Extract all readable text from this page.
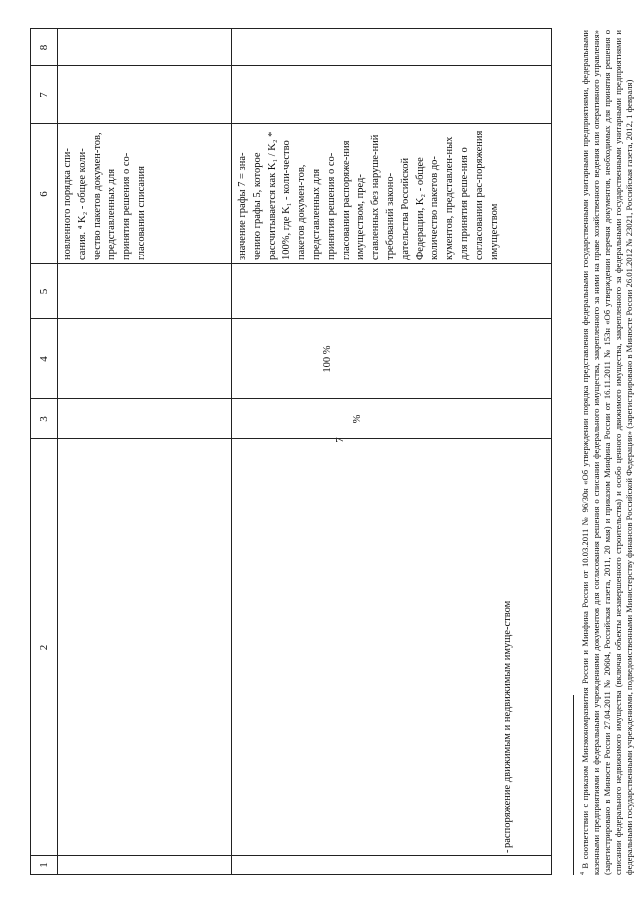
7
1
2
3
4
5
6
7
8
новленного порядка спи-сания. ⁴ K₂ - общее коли-чество пакетов докумен-тов, представленных для принятия решения о со-гласовании списания
-
распоряжение движимым и недвижимым имуще-ством
%
100 %
значение графы 7 = зна-чению графы 5, которое рассчитывается как K₁ / K₂ * 100%, где K₁ - коли-чество пакетов докумен-тов, представленных для принятия решения о со-гласовании распоряже-ния имуществом, пред-ставленных без наруше-ний требований законо-дательства Российской Федерации, K₂ - общее количество пакетов до-кументов, представлен-ных для принятия реше-ния о согласовании рас-поряжения имуществом
$^4$ В соответствии с приказом Минэкономразвития России и Минфина России от 10.03.2011 № 96/30н «Об утверждении порядка представления федеральными государственными унитарными предприятиями, федеральными казенными предприятиями и федеральными учреждениями документов для согласования решения о списании федерального имущества, закрепленного за ними на праве хозяйственного ведения или оперативного управления» (зарегистрировано в Минюсте России 27.04.2011 № 20604, Российская газета, 2011, 20 мая) и приказом Минфина России от 16.11.2011 № 153н «Об утверждении перечня документов, необходимых для принятия решения о списании федерального недвижимого имущества (включая объекты незавершенного строительства) и особо ценного движимого имущества, закрепленного за федеральными государственными унитарными предприятиями и федеральными государственными учреждениями, подведомственными Министерству финансов Российской Федерации» (зарегистрировано в Минюсте России 26.01.2012 № 23021, Российская газета, 2012, 1 февраля)
